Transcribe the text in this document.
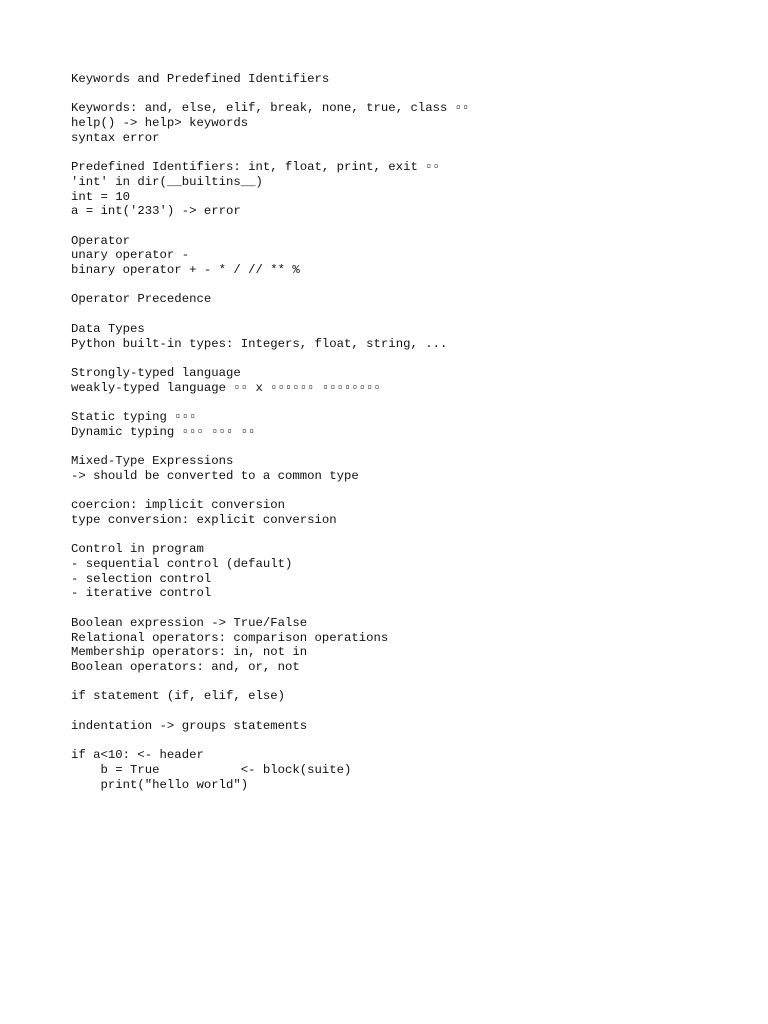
Keywords and Predefined Identifiers
Keywords: and, else, elif, break, none, true, class ▫▫
help() -> help> keywords
syntax error
Predefined Identifiers: int, float, print, exit ▫▫
'int' in dir(__builtins__)
int = 10
a = int('233') -> error
Operator
unary operator -
binary operator + - * / // ** %
Operator Precedence
Data Types
Python built-in types: Integers, float, string, ...
Strongly-typed language
weakly-typed language ▫▫ x ▫▫▫▫▫▫ ▫▫▫▫▫▫▫▫
Static typing ▫▫▫
Dynamic typing ▫▫▫ ▫▫▫ ▫▫
Mixed-Type Expressions
-> should be converted to a common type
coercion: implicit conversion
type conversion: explicit conversion
Control in program
- sequential control (default)
- selection control
- iterative control
Boolean expression -> True/False
Relational operators: comparison operations
Membership operators: in, not in
Boolean operators: and, or, not
if statement (if, elif, else)
indentation -> groups statements
if a<10: <- header
b = True           <- block(suite)
print("hello world")
